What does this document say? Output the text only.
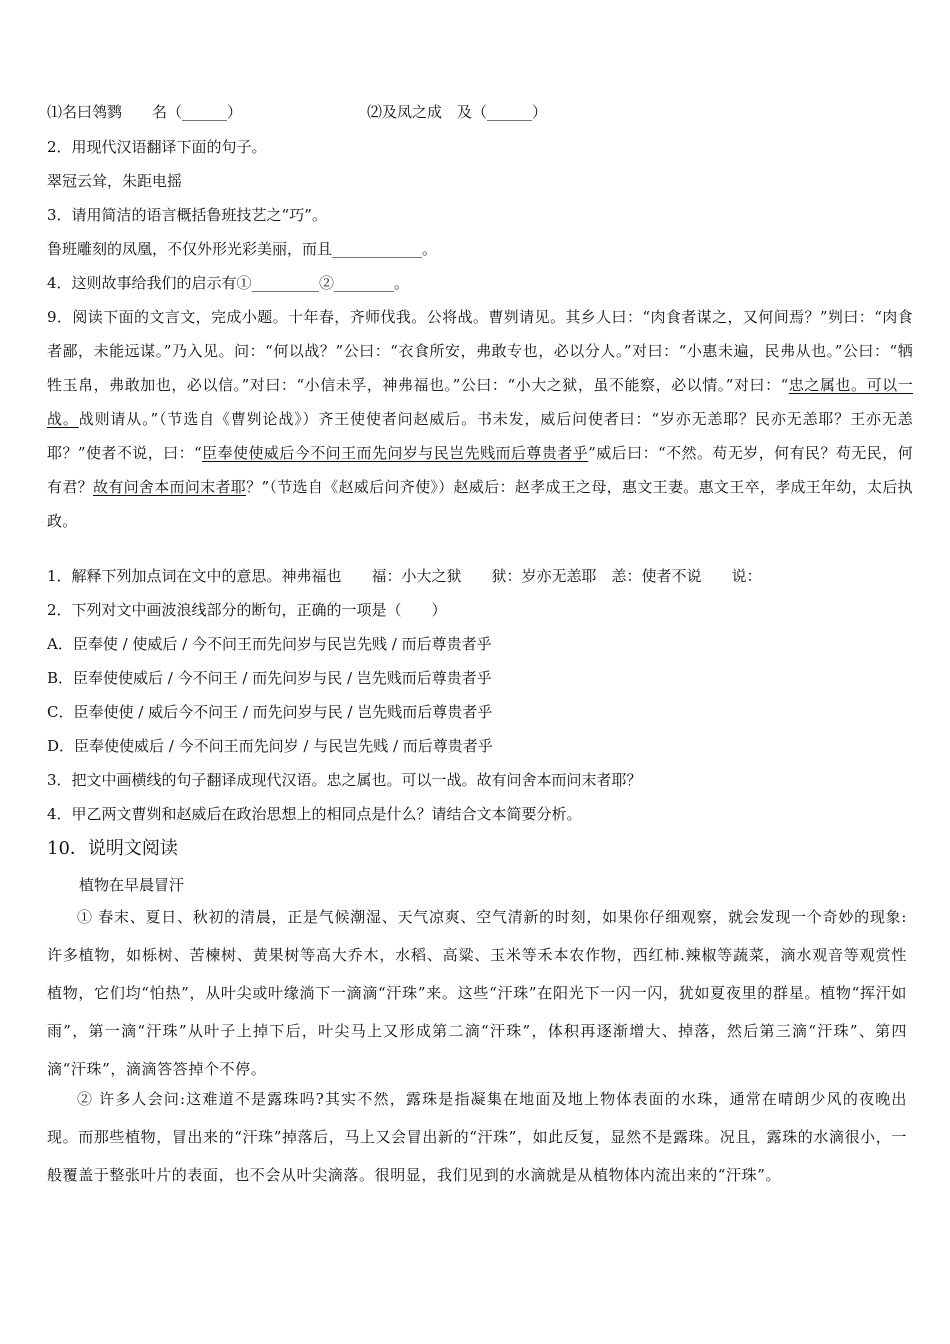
⑴名曰鸰鹨　　名（______）	⑵及凤之成　及（______）
2．用现代汉语翻译下面的句子。
翠冠云耸，朱距电摇
3．请用简洁的语言概括鲁班技艺之“巧”。
鲁班雕刻的凤凰，不仅外形光彩美丽，而且____________。
4．这则故事给我们的启示有①_________②________。
9．阅读下面的文言文，完成小题。十年春，齐师伐我。公将战。曹刿请见。其乡人曰：“肉食者谋之，又何间焉？”刿曰：“肉食者鄙，未能远谋。”乃入见。问：“何以战？”公曰：“衣食所安，弗敢专也，必以分人。”对曰：“小惠未遍，民弗从也。”公曰：“牺牲玉帛，弗敢加也，必以信。”对曰：“小信未孚，神弗福也。”公曰：“小大之狱，虽不能察，必以情。”对曰：“忠之属也。可以一战。战则请从。”（节选自《曹刿论战》）齐王使使者问赵威后。书未发，威后问使者曰：“岁亦无恙耶？民亦无恙耶？王亦无恙耶？”使者不说，曰：“臣奉使使威后今不问王而先问岁与民岂先贱而后尊贵者乎”威后曰：“不然。苟无岁，何有民？苟无民，何有君？故有问舍本而问末者耶？”（节选自《赵威后问齐使》）赵威后：赵孝成王之母，惠文王妻。惠文王卒，孝成王年幼，太后执政。
1．解释下列加点词在文中的意思。神弗福也　　福：小大之狱　　狱：岁亦无恙耶　恙：使者不说　　说：
2．下列对文中画波浪线部分的断句，正确的一项是（　　）
A．臣奉使 / 使威后 / 今不问王而先问岁与民岂先贱 / 而后尊贵者乎
B．臣奉使使威后 / 今不问王 / 而先问岁与民 / 岂先贱而后尊贵者乎
C．臣奉使使 / 威后今不问王 / 而先问岁与民 / 岂先贱而后尊贵者乎
D．臣奉使使威后 / 今不问王而先问岁 / 与民岂先贱 / 而后尊贵者乎
3．把文中画横线的句子翻译成现代汉语。忠之属也。可以一战。故有问舍本而问末者耶？
4．甲乙两文曹刿和赵威后在政治思想上的相同点是什么？请结合文本简要分析。
10．说明文阅读
植物在早晨冒汗
① 春末、夏日、秋初的清晨，正是气候潮湿、天气凉爽、空气清新的时刻，如果你仔细观察，就会发现一个奇妙的现象:许多植物，如栎树、苦楝树、黄果树等高大乔木，水稻、高粱、玉米等禾本农作物，西红柿.辣椒等蔬菜，滴水观音等观赏性植物，它们均“怕热”，从叶尖或叶缘淌下一滴滴“汗珠”来。这些“汗珠”在阳光下一闪一闪，犹如夏夜里的群星。植物“挥汗如雨”，第一滴“汗珠”从叶子上掉下后，叶尖马上又形成第二滴“汗珠”，体积再逐渐增大、掉落，然后第三滴“汗珠”、第四滴“汗珠”，滴滴答答掉个不停。
② 许多人会问:这难道不是露珠吗?其实不然，露珠是指凝集在地面及地上物体表面的水珠，通常在晴朗少风的夜晚出现。而那些植物，冒出来的“汗珠”掉落后，马上又会冒出新的“汗珠”，如此反复，显然不是露珠。况且，露珠的水滴很小，一般覆盖于整张叶片的表面，也不会从叶尖滴落。很明显，我们见到的水滴就是从植物体内流出来的“汗珠”。
